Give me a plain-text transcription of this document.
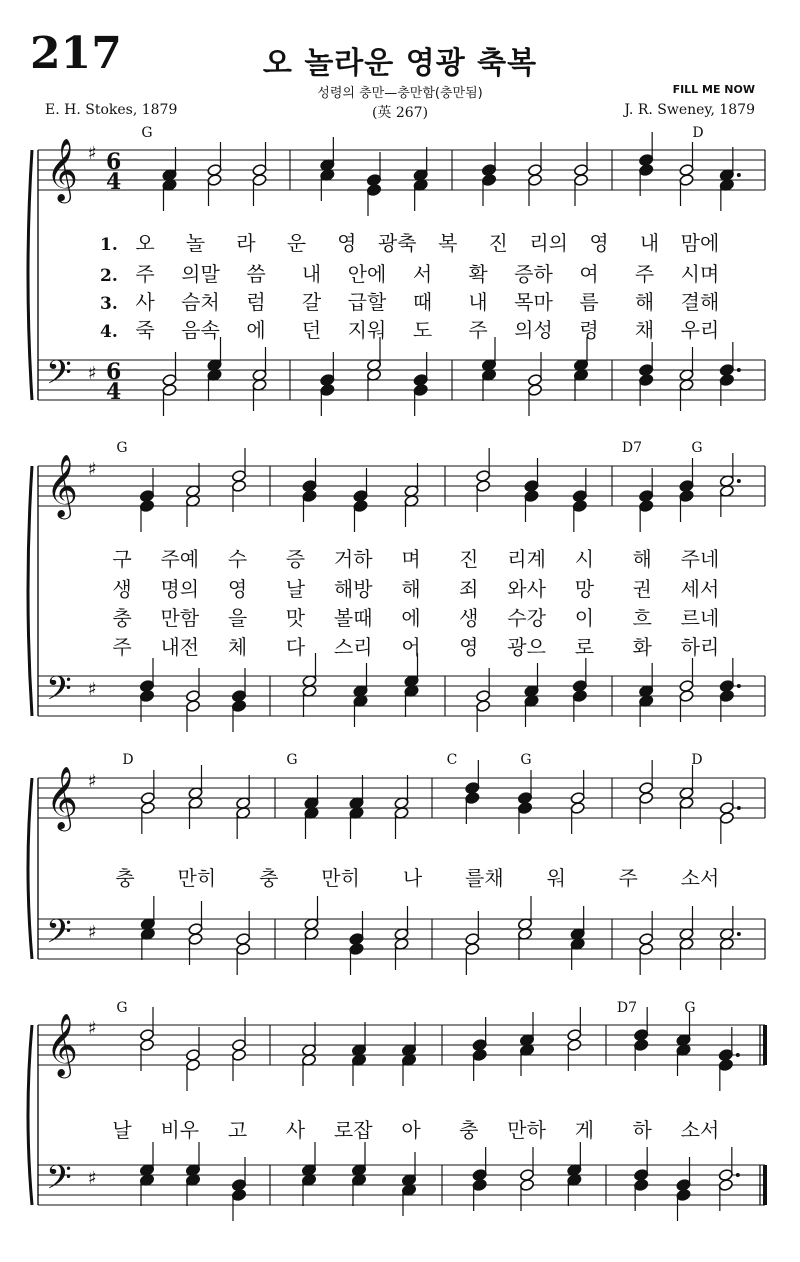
217	오 놀라운 영광 축복
성령의 충만—충만함(충만됨)	FILL ME NOW
E. H. Stokes, 1879	(英 267)	J. R. Sweney, 1879
G	D
1. 오 놀 라 운 영 광축 복 진 리의 영 내 맘에
2. 주 의말 씀 내 안에 서 확 증하 여 주 시며
3. 사 슴처 럼 갈 급할 때 내 목마 름 해 결해
4. 죽 음속 에 던 지워 도 주 의성 령 채 우리
𝄞 ♯ 6
4
𝄢 ♯ 6
4
G	D7	G
구 주예 수 증 거하 며 진 리계 시 해 주네
생 명의 영 날 해방 해 죄 와사 망 권 세서
충 만함 을 맛 볼때 에 생 수강 이 흐 르네
주 내전 체 다 스리 어 영 광으 로 화 하리
𝄞 ♯
𝄢 ♯
D	G	C	G	D
충 만히 충 만히 나 를채 워	주 소서
𝄞 ♯
𝄢 ♯
G	D7	G
날 비우 고 사 로잡 아 충 만하 게 하 소서
𝄞 ♯
𝄢 ♯
